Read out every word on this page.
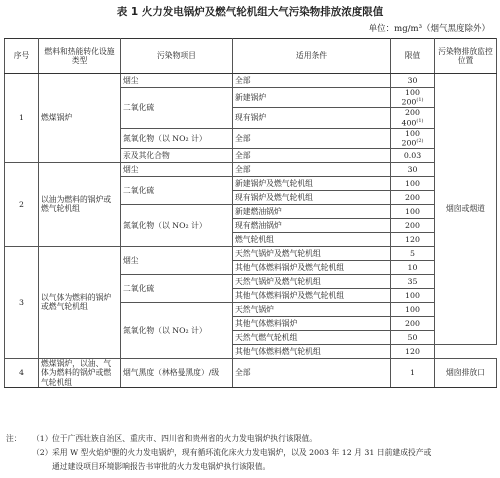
表 1 火力发电锅炉及燃气轮机组大气污染物排放浓度限值
单位：mg/m³（烟气黑度除外）
序号	燃料和热能转化设施类型	污染物项目	适用条件	限值	污染物排放监控位置
1	燃煤锅炉	烟尘	全部	30	烟囱或烟道
		二氧化硫	新建锅炉	100
200$^{(1)}$

			现有锅炉	200
400$^{(1)}$

		氮氧化物（以 NO₂ 计）	全部	100
200$^{(2)}$

		汞及其化合物	全部	0.03	
2	以油为燃料的锅炉或燃气轮机组	烟尘	全部	30	
		二氧化硫	新建锅炉及燃气轮机组	100	
			现有锅炉及燃气轮机组	200	
		氮氧化物（以 NO₂ 计）	新建燃油锅炉	100	
			现有燃油锅炉	200	
			燃气轮机组	120	
3	以气体为燃料的锅炉或燃气轮机组	烟尘	天然气锅炉及燃气轮机组	5	
			其他气体燃料锅炉及燃气轮机组	10	
		二氧化硫	天然气锅炉及燃气轮机组	35	
			其他气体燃料锅炉及燃气轮机组	100	
		氮氧化物（以 NO₂ 计）	天然气锅炉	100	
			其他气体燃料锅炉	200	
			天然气燃气轮机组	50	
			其他气体燃料燃气轮机组	120	
4	燃煤锅炉，以油、气体为燃料的锅炉或燃气轮机组	烟气黑度（林格曼黑度）/级	全部	1	烟囱排放口
注：	（1） 位于广西壮族自治区、重庆市、四川省和贵州省的火力发电锅炉执行该限值。
（2） 采用 W 型火焰炉膛的火力发电锅炉，现有循环流化床火力发电锅炉，以及 2003 年 12 月 31 日前建成投产或
通过建设项目环境影响报告书审批的火力发电锅炉执行该限值。
